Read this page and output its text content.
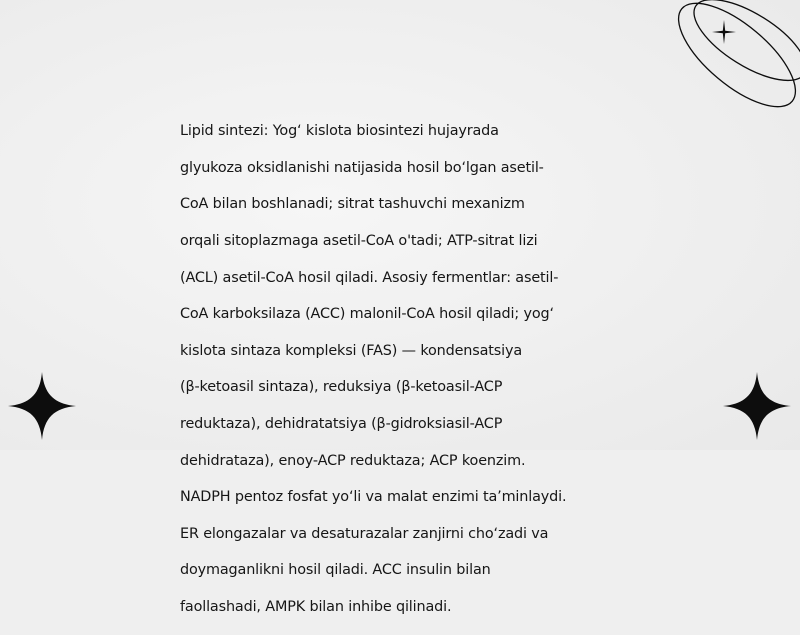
Lipid sintezi: Yog‘ kislota biosintezi hujayrada

glyukoza oksidlanishi natijasida hosil bo‘lgan asetil-

CoA bilan boshlanadi; sitrat tashuvchi mexanizm

orqali sitoplazmaga asetil-CoA o'tadi; ATP-sitrat lizi

(ACL) asetil-CoA hosil qiladi. Asosiy fermentlar: asetil-

CoA karboksilaza (ACC) malonil-CoA hosil qiladi; yog‘

kislota sintaza kompleksi (FAS) — kondensatsiya

(β-ketoasil sintaza), reduksiya (β-ketoasil-ACP

reduktaza), dehidratatsiya (β-gidroksiasil-ACP

dehidrataza), enoy-ACP reduktaza; ACP koenzim.

NADPH pentoz fosfat yo‘li va malat enzimi ta’minlaydi.

ER elongazalar va desaturazalar zanjirni cho‘zadi va

doymaganlikni hosil qiladi. ACC insulin bilan

faollashadi, AMPK bilan inhibe qilinadi.
